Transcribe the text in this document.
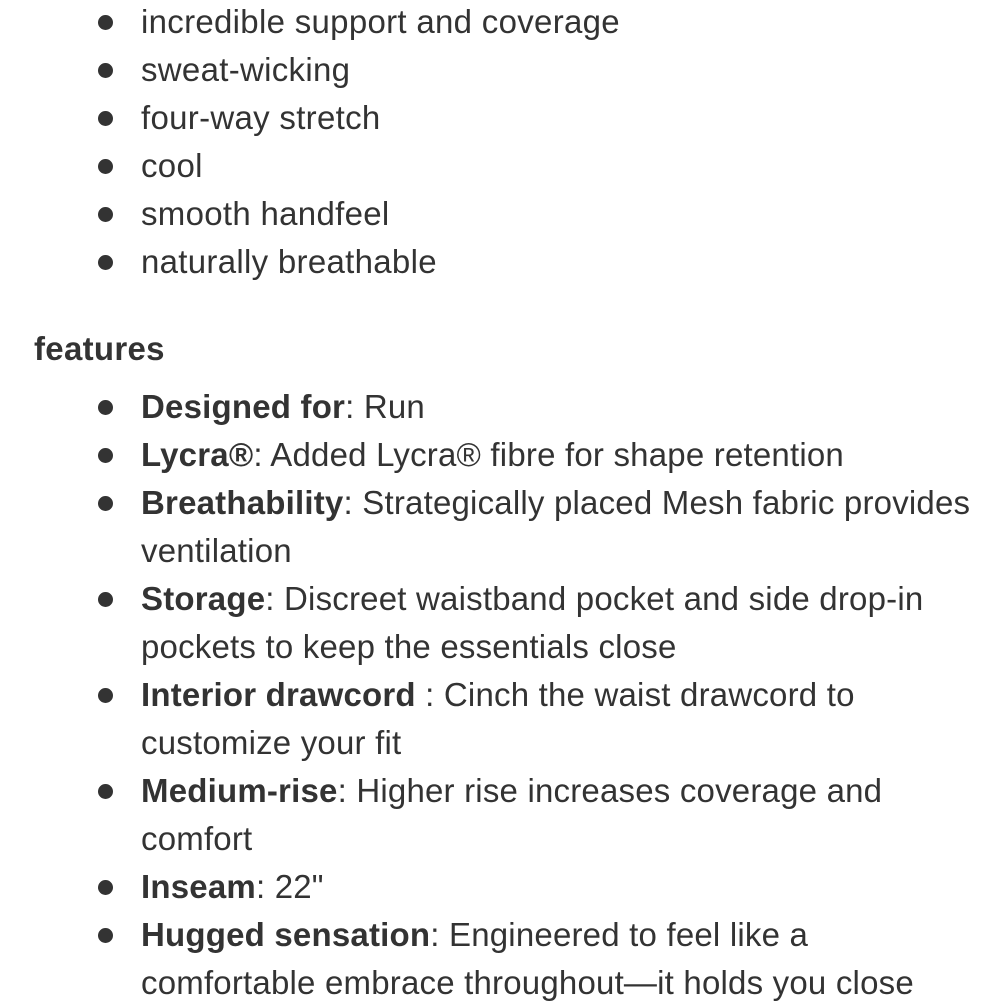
incredible support and coverage
sweat-wicking
four-way stretch
cool
smooth handfeel
naturally breathable
features
Designed for: Run
Lycra®: Added Lycra® fibre for shape retention
Breathability: Strategically placed Mesh fabric provides ventilation
Storage: Discreet waistband pocket and side drop-in pockets to keep the essentials close
Interior drawcord : Cinch the waist drawcord to customize your fit
Medium-rise: Higher rise increases coverage and comfort
Inseam: 22"
Hugged sensation: Engineered to feel like a comfortable embrace throughout—it holds you close
